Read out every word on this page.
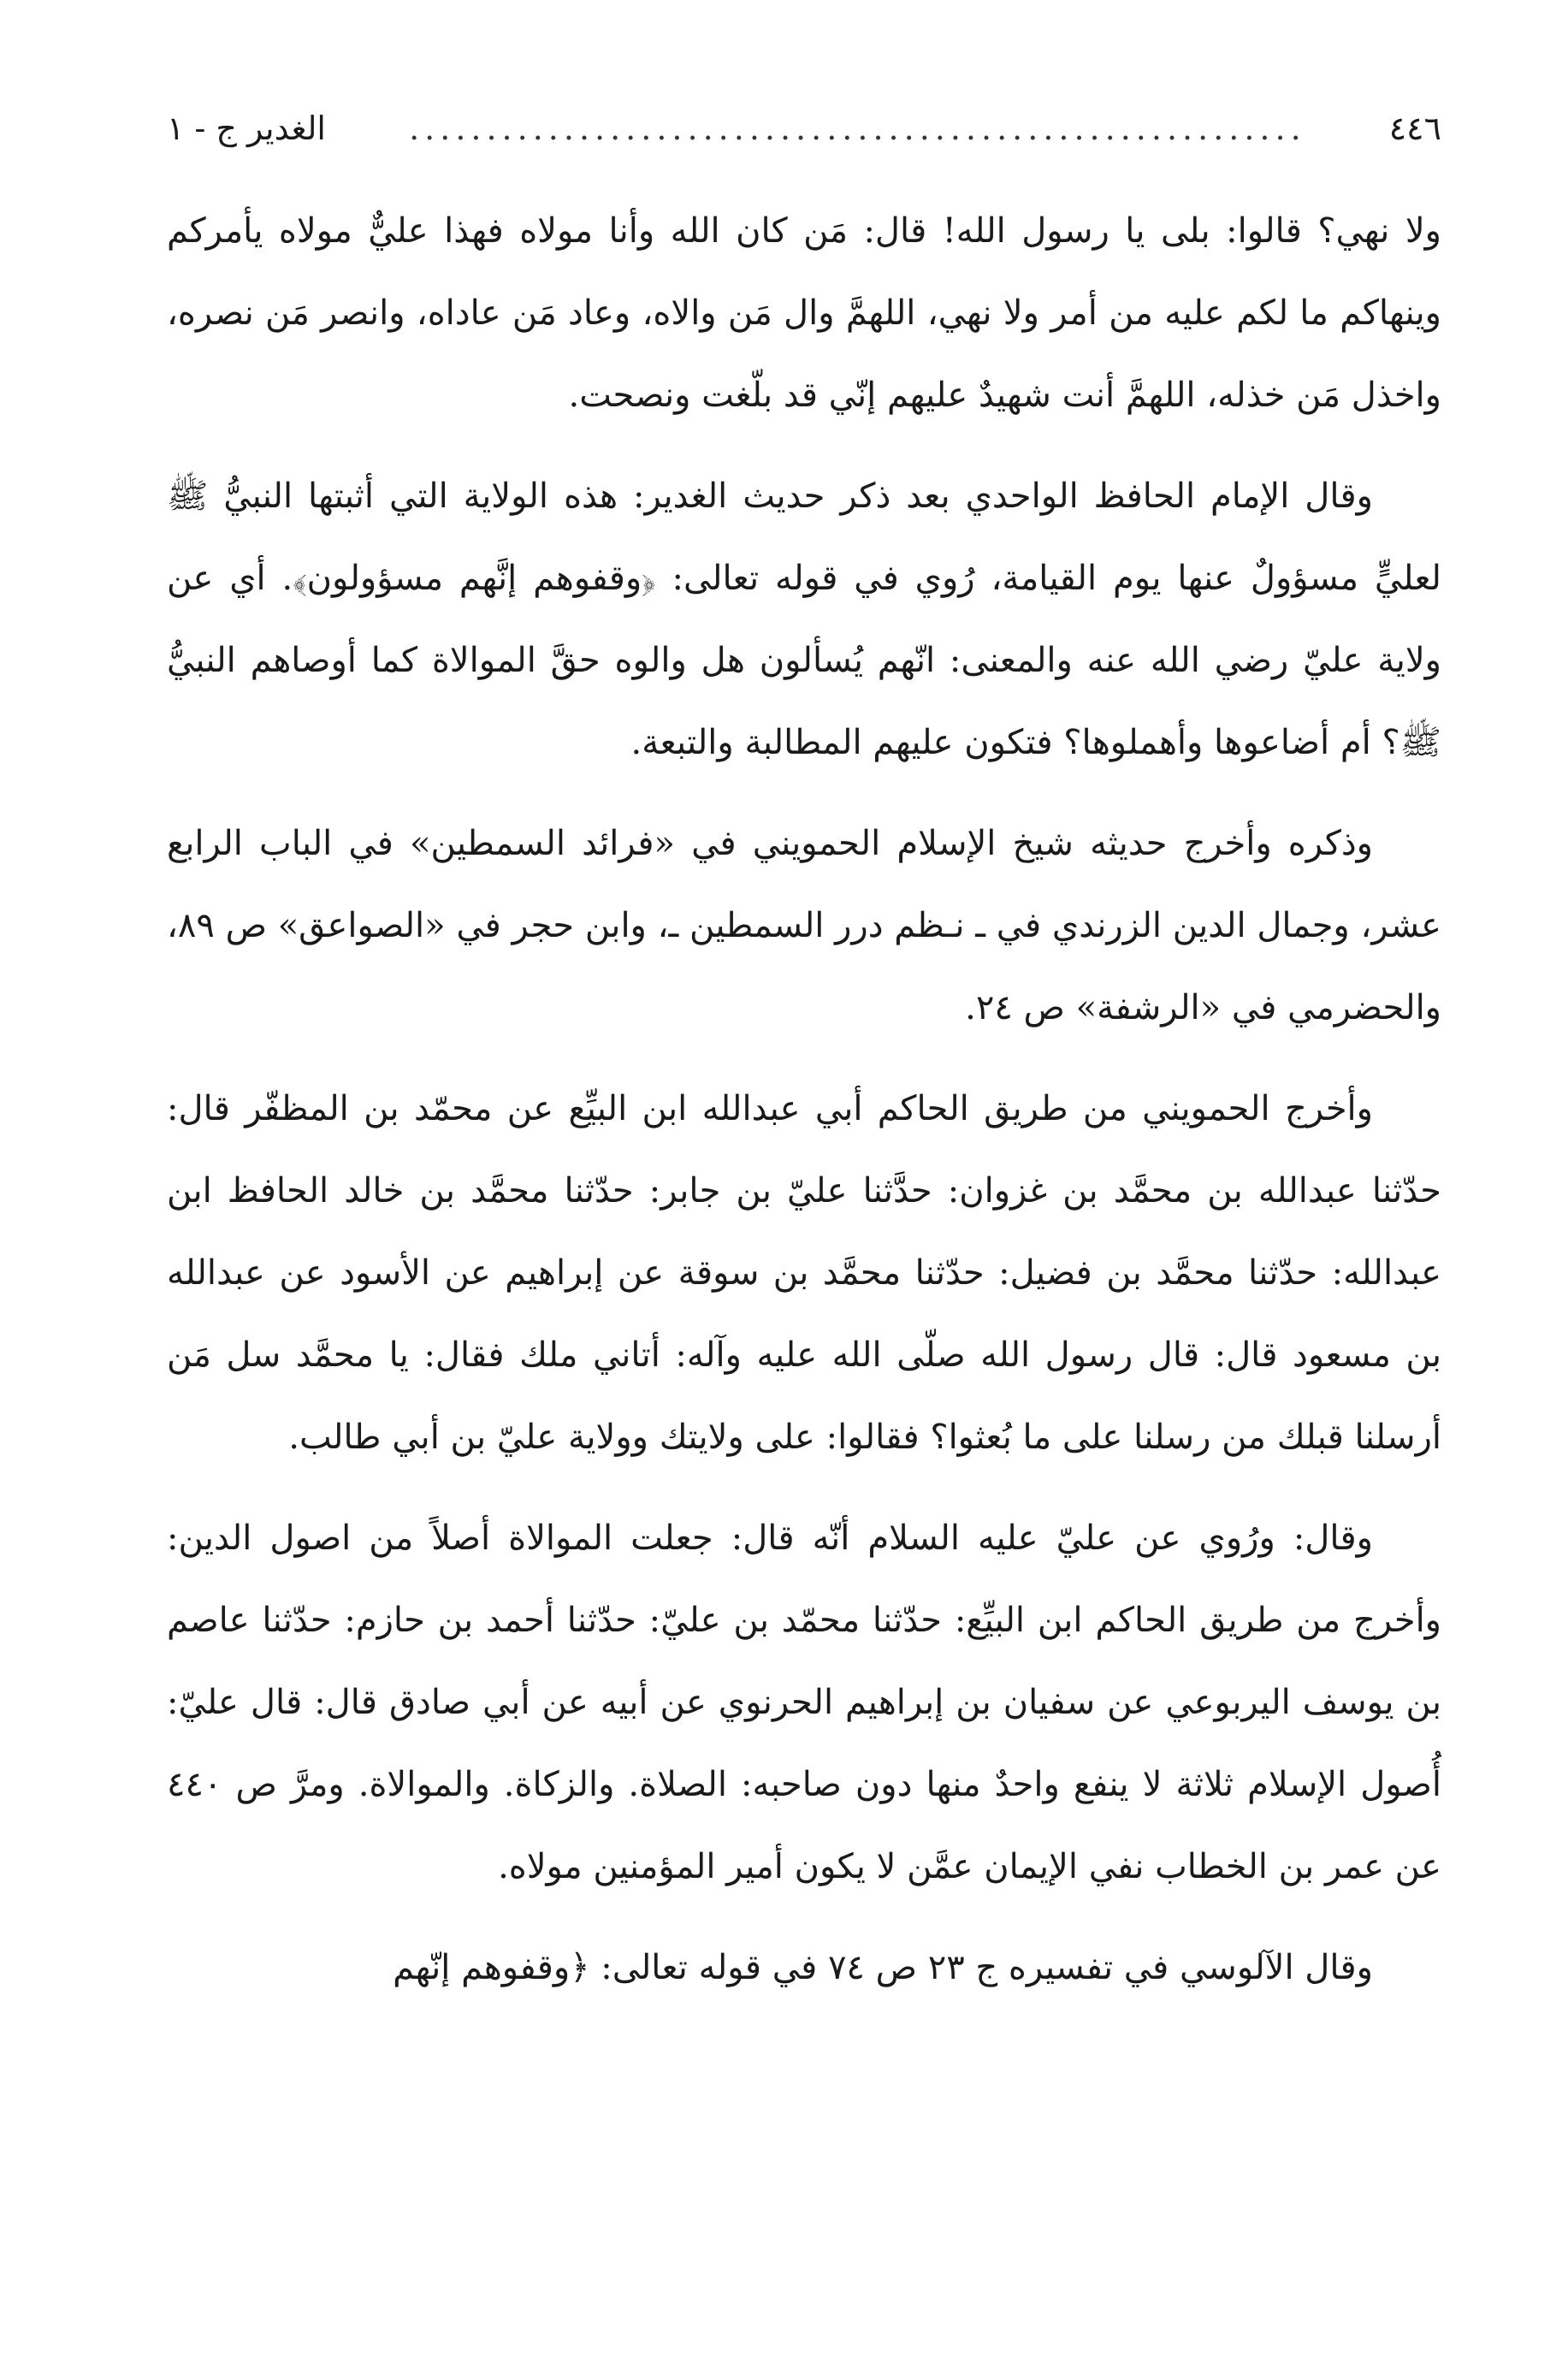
٤٤٦
..........................................................
الغدير ج - ١

ولا نهي؟ قالوا: بلى يا رسول الله! قال: مَن كان الله وأنا مولاه فهذا عليٌّ مولاه يأمركم وينهاكم ما لكم عليه من أمر ولا نهي، اللهمَّ وال مَن والاه، وعاد مَن عاداه، وانصر مَن نصره، واخذل مَن خذله، اللهمَّ أنت شهيدٌ عليهم إنّي قد بلّغت ونصحت.

وقال الإمام الحافظ الواحدي بعد ذكر حديث الغدير: هذه الولاية التي أثبتها النبيُّ ﷺ لعليٍّ مسؤولٌ عنها يوم القيامة، رُوي في قوله تعالى: ﴿وقفوهم إنَّهم مسؤولون﴾. أي عن ولاية عليّ رضي الله عنه والمعنى: انّهم يُسألون هل والوه حقَّ الموالاة كما أوصاهم النبيُّ ﷺ؟ أم أضاعوها وأهملوها؟ فتكون عليهم المطالبة والتبعة.

وذكره وأخرج حديثه شيخ الإسلام الحمويني في «فرائد السمطين» في الباب الرابع عشر، وجمال الدين الزرندي في ـ نـظم درر السمطين ـ، وابن حجر في «الصواعق» ص ٨٩، والحضرمي في «الرشفة» ص ٢٤.

وأخرج الحمويني من طريق الحاكم أبي عبدالله ابن البيِّع عن محمّد بن المظفّر قال: حدّثنا عبدالله بن محمَّد بن غزوان: حدَّثنا عليّ بن جابر: حدّثنا محمَّد بن خالد الحافظ ابن عبدالله: حدّثنا محمَّد بن فضيل: حدّثنا محمَّد بن سوقة عن إبراهيم عن الأسود عن عبدالله بن مسعود قال: قال رسول الله صلّى الله عليه وآله: أتاني ملك فقال: يا محمَّد سل مَن أرسلنا قبلك من رسلنا على ما بُعثوا؟ فقالوا: على ولايتك وولاية عليّ بن أبي طالب.

وقال: ورُوي عن عليّ عليه السلام أنّه قال: جعلت الموالاة أصلاً من اصول الدين: وأخرج من طريق الحاكم ابن البيِّع: حدّثنا محمّد بن عليّ: حدّثنا أحمد بن حازم: حدّثنا عاصم بن يوسف اليربوعي عن سفيان بن إبراهيم الحرنوي عن أبيه عن أبي صادق قال: قال عليّ: أُصول الإسلام ثلاثة لا ينفع واحدٌ منها دون صاحبه: الصلاة. والزكاة. والموالاة. ومرَّ ص ٤٤٠ عن عمر بن الخطاب نفي الإيمان عمَّن لا يكون أمير المؤمنين مولاه.

وقال الآلوسي في تفسيره ج ٢٣ ص ٧٤ في قوله تعالى: ﴿وقفوهم إنّهم
